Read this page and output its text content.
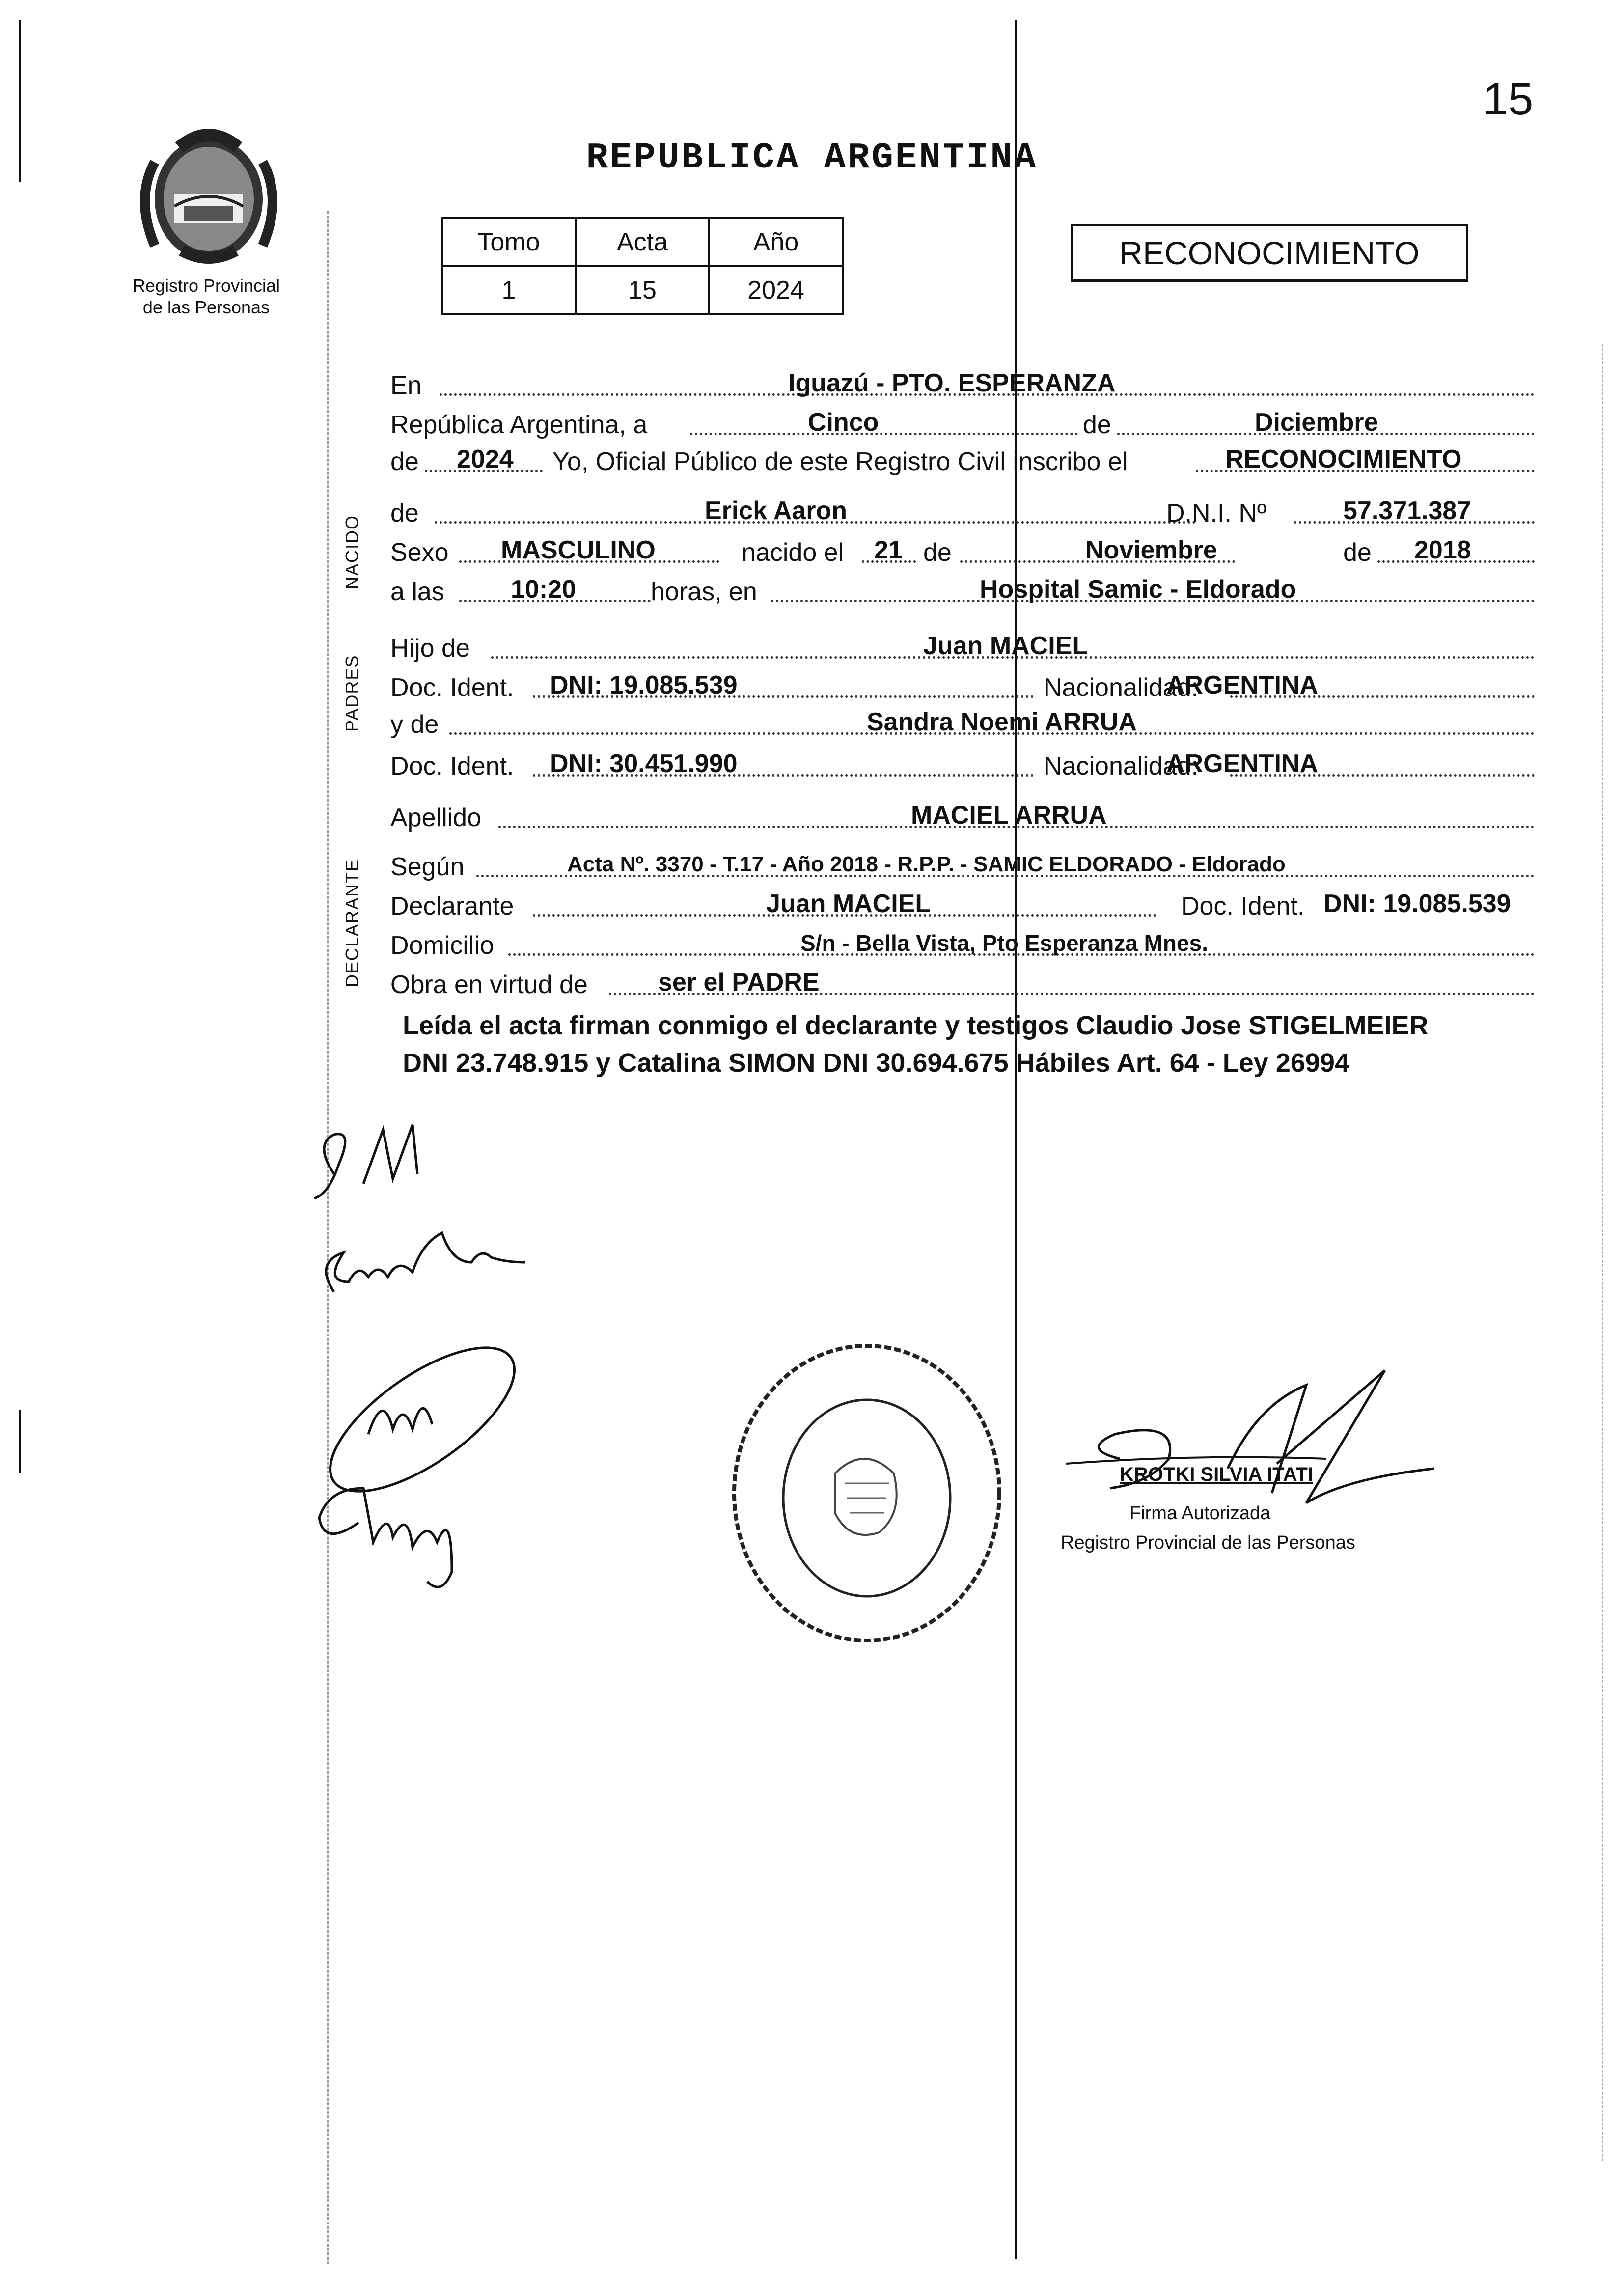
15
Registro Provincial
de las Personas
REPUBLICA ARGENTINA
Tomo	Acta	Año
1	15	2024
RECONOCIMIENTO
NACIDO
PADRES
DECLARANTE
En	Iguazú - PTO. ESPERANZA
República Argentina, a	Cinco	de	Diciembre
de 2024 Yo, Oficial Público de este Registro Civil inscribo el	RECONOCIMIENTO
de	Erick Aaron	D.N.I. Nº	57.371.387
Sexo MASCULINO	nacido el 21 de	Noviembre	de 2018
a las	10:20	horas, en	Hospital Samic - Eldorado
Hijo de	Juan MACIEL
Doc. Ident. DNI: 19.085.539	Nacionalidad:
ARGENTINA
y de	Sandra Noemi ARRUA
Doc. Ident. DNI: 30.451.990	Nacionalidad:
ARGENTINA
Apellido	MACIEL ARRUA
Según	Acta Nº. 3370 - T.17 - Año 2018 - R.P.P. - SAMIC ELDORADO - Eldorado
Declarante	Juan MACIEL	Doc. Ident. DNI: 19.085.539
Domicilio	S/n - Bella Vista, Pto Esperanza Mnes.
Obra en virtud de	ser el PADRE
Leída el acta firman conmigo el declarante y testigos Claudio Jose STIGELMEIER
DNI 23.748.915 y Catalina SIMON DNI 30.694.675 Hábiles Art. 64 - Ley 26994
KROTKI SILVIA ITATI
Firma Autorizada
Registro Provincial de las Personas
